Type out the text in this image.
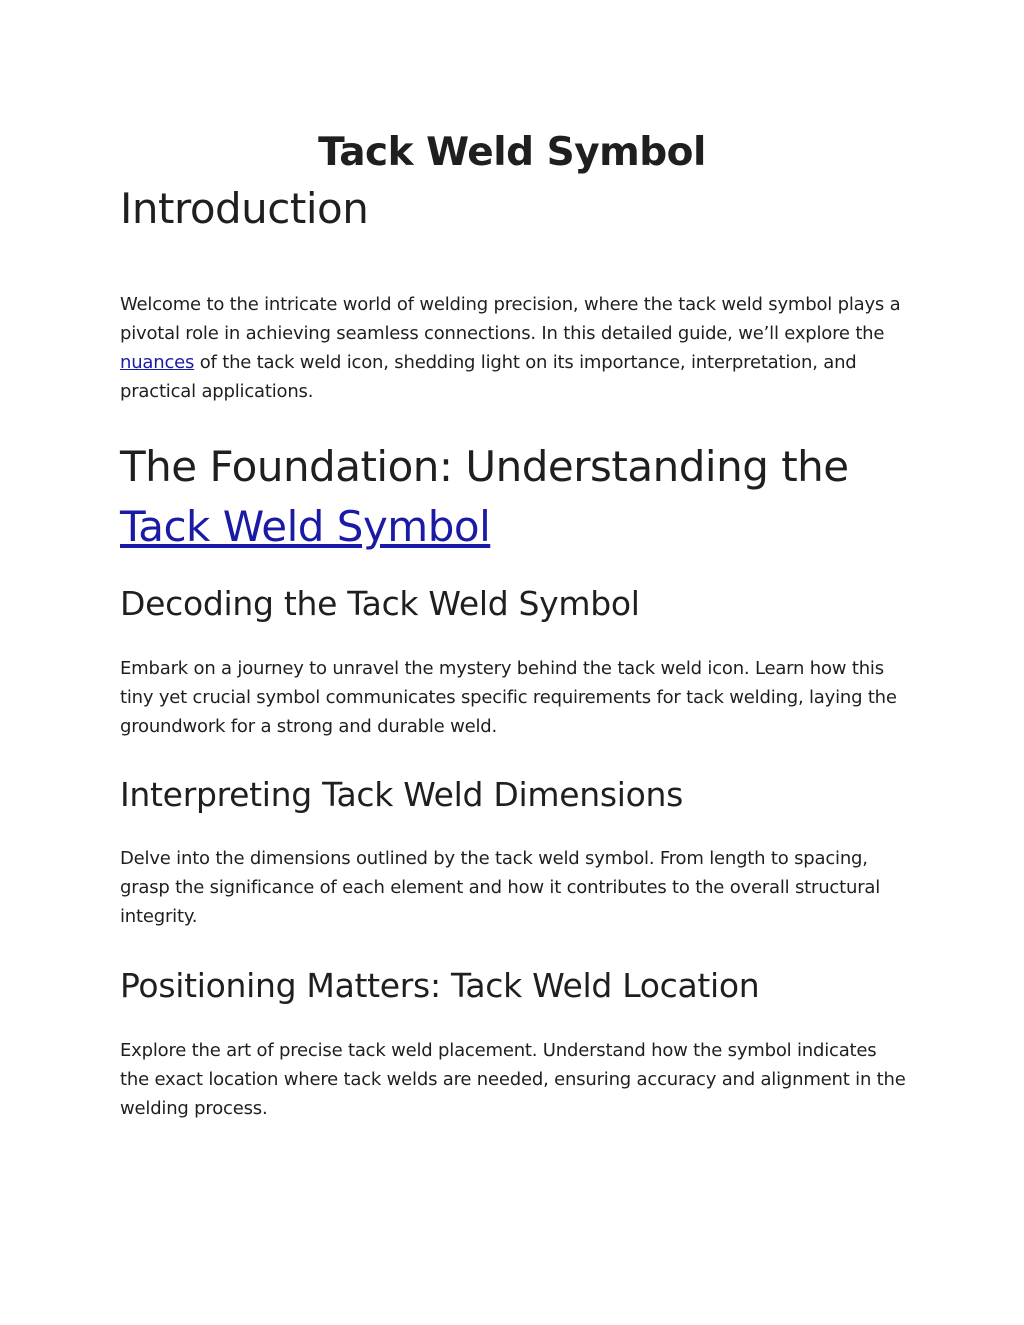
Tack Weld Symbol
Introduction

Welcome to the intricate world of welding precision, where the tack weld symbol plays a pivotal role in achieving seamless connections. In this detailed guide, we’ll explore the nuances of the tack weld icon, shedding light on its importance, interpretation, and practical applications.

The Foundation: Understanding the
Tack Weld Symbol
Decoding the Tack Weld Symbol

Embark on a journey to unravel the mystery behind the tack weld icon. Learn how this tiny yet crucial symbol communicates specific requirements for tack welding, laying the groundwork for a strong and durable weld.

Interpreting Tack Weld Dimensions

Delve into the dimensions outlined by the tack weld symbol. From length to spacing, grasp the significance of each element and how it contributes to the overall structural integrity.

Positioning Matters: Tack Weld Location

Explore the art of precise tack weld placement. Understand how the symbol indicates the exact location where tack welds are needed, ensuring accuracy and alignment in the welding process.
